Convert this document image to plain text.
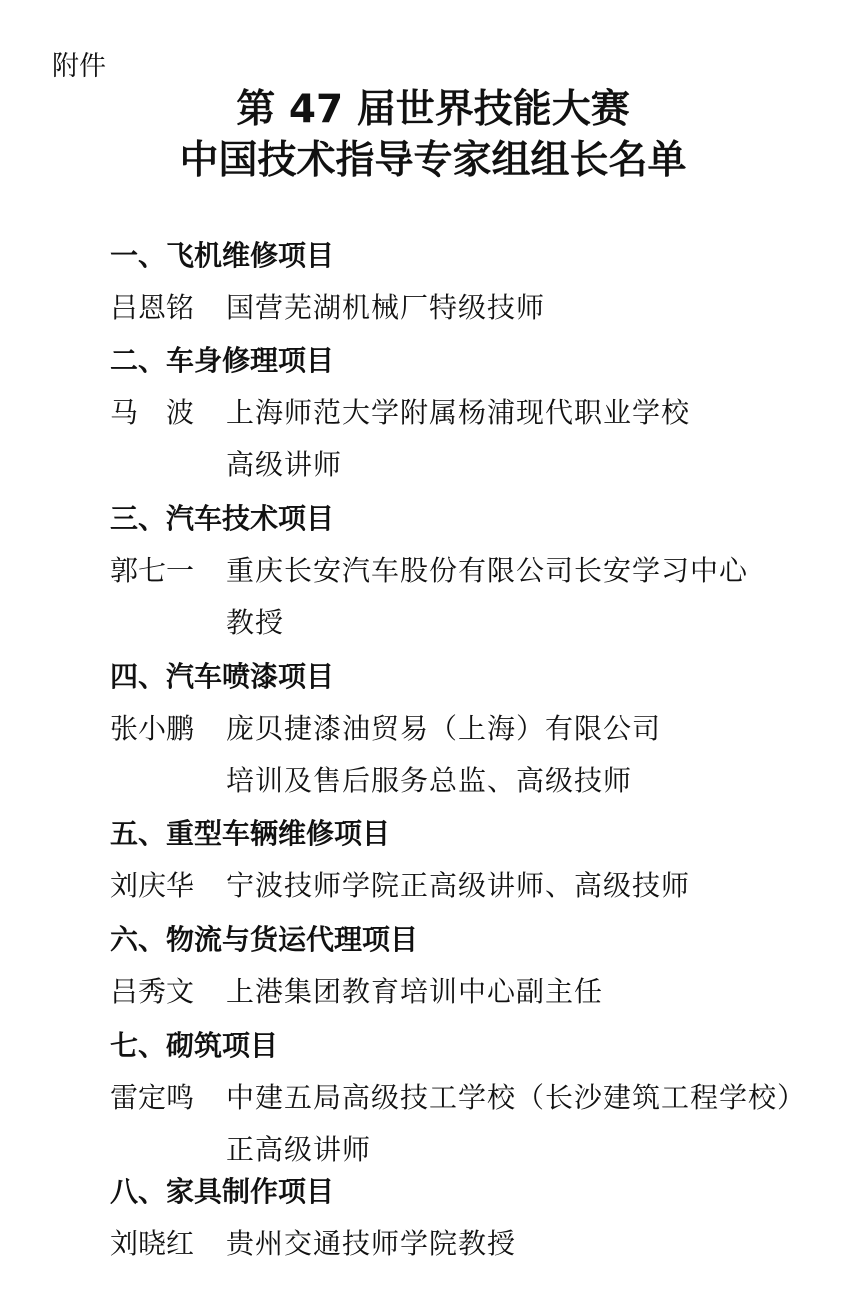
附件
第 47 届世界技能大赛
中国技术指导专家组组长名单
一、飞机维修项目
吕恩铭	国营芜湖机械厂特级技师
二、车身修理项目
马　波	上海师范大学附属杨浦现代职业学校
高级讲师
三、汽车技术项目
郭七一	重庆长安汽车股份有限公司长安学习中心
教授
四、汽车喷漆项目
张小鹏	庞贝捷漆油贸易（上海）有限公司
培训及售后服务总监、高级技师
五、重型车辆维修项目
刘庆华	宁波技师学院正高级讲师、高级技师
六、物流与货运代理项目
吕秀文	上港集团教育培训中心副主任
七、砌筑项目
雷定鸣	中建五局高级技工学校（长沙建筑工程学校）
正高级讲师
八、家具制作项目
刘晓红	贵州交通技师学院教授
